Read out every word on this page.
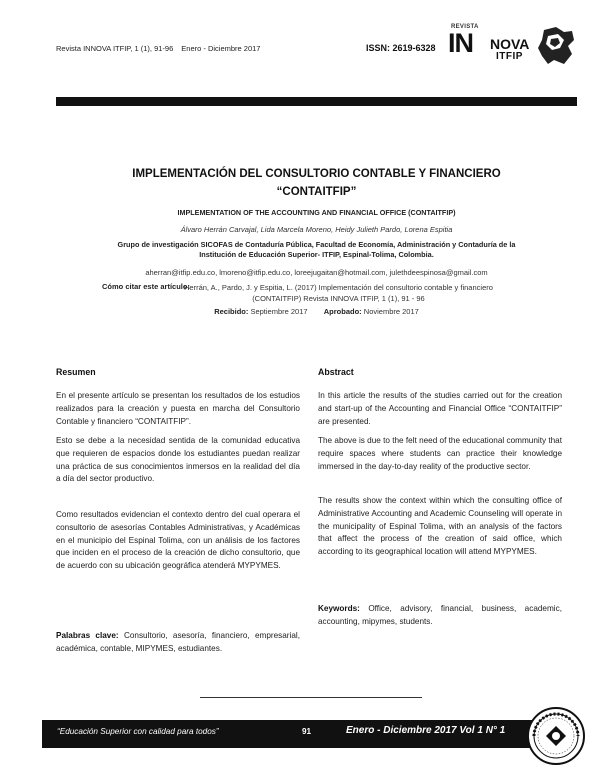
Revista INNOVA ITFIP, 1 (1), 91-96 Enero - Diciembre 2017	ISSN: 2619-6328
REVISTA
IN NOVA
ITFIP
IMPLEMENTACIÓN DEL CONSULTORIO CONTABLE Y FINANCIERO
“CONTAITFIP”
IMPLEMENTATION OF THE ACCOUNTING AND FINANCIAL OFFICE (CONTAITFIP)
Álvaro Herrán Carvajal, Lida Marcela Moreno, Heidy Julieth Pardo, Lorena Espitia
Grupo de investigación SICOFAS de Contaduría Pública, Facultad de Economía, Administración y Contaduría de la
Institución de Educación Superior- ITFIP, Espinal-Tolima, Colombia.
aherran@itfip.edu.co, lmoreno@itfip.edu.co, loreejugaitan@hotmail.com, julethdeespinosa@gmail.com
Cómo citar este artículo:
Herrán, A., Pardo, J. y Espitia, L. (2017) Implementación del consultorio contable y financiero
(CONTAITFIP) Revista INNOVA ITFIP, 1 (1), 91 - 96
Recibido: Septiembre 2017 Aprobado: Noviembre 2017
Resumen
En el presente artículo se presentan los resultados de los estudios realizados para la creación y puesta en marcha del Consultorio Contable y financiero “CONTAITFIP”.
Esto se debe a la necesidad sentida de la comunidad educativa que requieren de espacios donde los estudiantes puedan realizar una práctica de sus conocimientos inmersos en la realidad del día a día del sector productivo.
Como resultados evidencian el contexto dentro del cual operara el consultorio de asesorías Contables Administrativas, y Académicas en el municipio del Espinal Tolima, con un análisis de los factores que inciden en el proceso de la creación de dicho consultorio, que de acuerdo con su ubicación geográfica atenderá MYPYMES.
Palabras clave: Consultorio, asesoría, financiero, empresarial, académica, contable, MIPYMES, estudiantes.
Abstract
In this article the results of the studies carried out for the creation and start-up of the Accounting and Financial Office “CONTAITFIP” are presented.
The above is due to the felt need of the educational community that require spaces where students can practice their knowledge immersed in the day-to-day reality of the productive sector.
The results show the context within which the consulting office of Administrative Accounting and Academic Counseling will operate in the municipality of Espinal Tolima, with an analysis of the factors that affect the process of the creation of said office, which according to its geographical location will attend MYPYMES.
Keywords: Office, advisory, financial, business, academic, accounting, mipymes, students.
“Educación Superior con calidad para todos”	91	Enero - Diciembre 2017 Vol 1 N° 1
